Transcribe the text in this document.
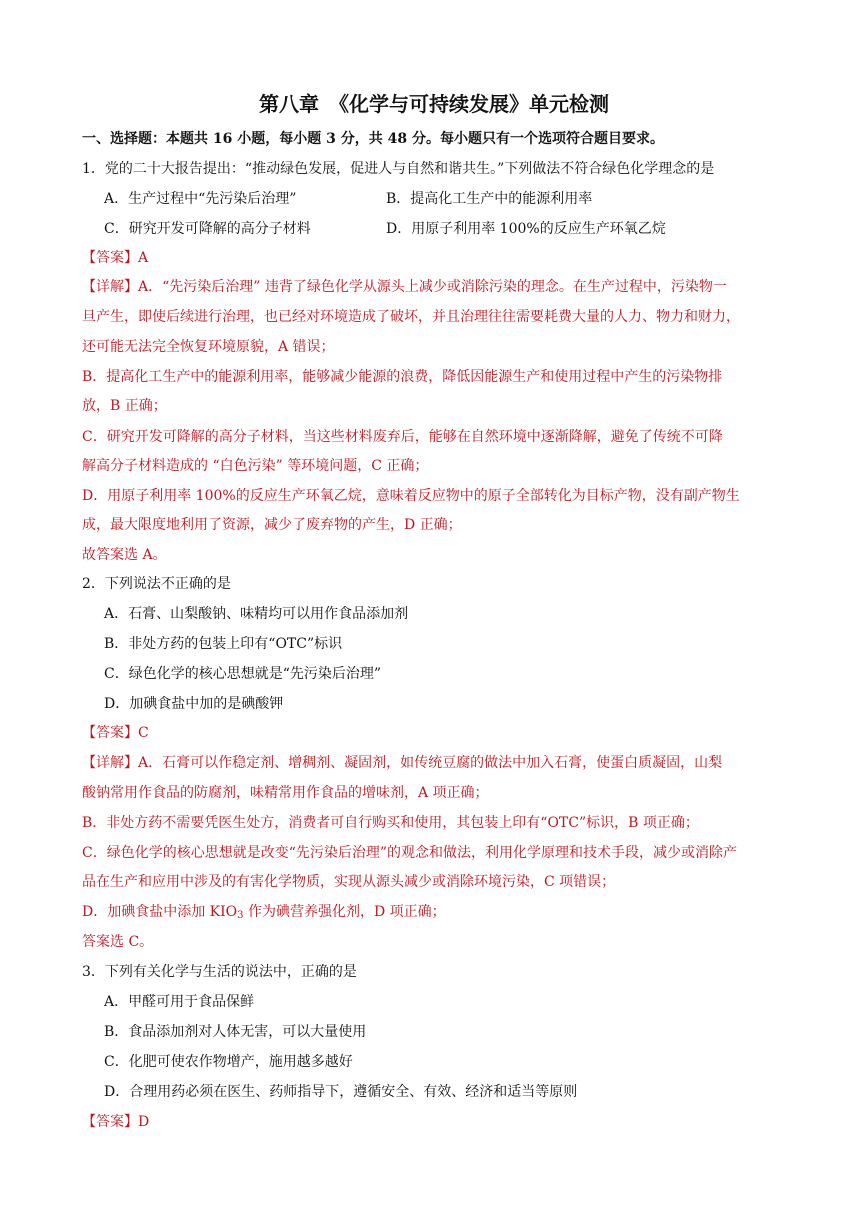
第八章　《化学与可持续发展》单元检测
一、选择题：本题共 16 小题，每小题 3 分，共 48 分。每小题只有一个选项符合题目要求。
1．党的二十大报告提出：“推动绿色发展，促进人与自然和谐共生。”下列做法不符合绿色化学理念的是
A．生产过程中“先污染后治理”	B．提高化工生产中的能源利用率
C．研究开发可降解的高分子材料	D．用原子利用率 100%的反应生产环氧乙烷
【答案】A
【详解】A．“先污染后治理” 违背了绿色化学从源头上减少或消除污染的理念。在生产过程中，污染物一
旦产生，即使后续进行治理，也已经对环境造成了破坏，并且治理往往需要耗费大量的人力、物力和财力，
还可能无法完全恢复环境原貌，A 错误；
B．提高化工生产中的能源利用率，能够减少能源的浪费，降低因能源生产和使用过程中产生的污染物排
放，B 正确；
C．研究开发可降解的高分子材料，当这些材料废弃后，能够在自然环境中逐渐降解，避免了传统不可降
解高分子材料造成的 “白色污染” 等环境问题，C 正确；
D．用原子利用率 100%的反应生产环氧乙烷，意味着反应物中的原子全部转化为目标产物，没有副产物生
成，最大限度地利用了资源，减少了废弃物的产生，D 正确；
故答案选 A。
2．下列说法不正确的是
A．石膏、山梨酸钠、味精均可以用作食品添加剂
B．非处方药的包装上印有“OTC”标识
C．绿色化学的核心思想就是“先污染后治理”
D．加碘食盐中加的是碘酸钾
【答案】C
【详解】A．石膏可以作稳定剂、增稠剂、凝固剂，如传统豆腐的做法中加入石膏，使蛋白质凝固，山梨
酸钠常用作食品的防腐剂，味精常用作食品的增味剂，A 项正确；
B．非处方药不需要凭医生处方，消费者可自行购买和使用，其包装上印有“OTC”标识，B 项正确；
C．绿色化学的核心思想就是改变“先污染后治理”的观念和做法，利用化学原理和技术手段，减少或消除产
品在生产和应用中涉及的有害化学物质，实现从源头减少或消除环境污染，C 项错误；
D．加碘食盐中添加 $KIO_3$ 作为碘营养强化剂，D 项正确；
答案选 C。
3．下列有关化学与生活的说法中，正确的是
A．甲醛可用于食品保鲜
B．食品添加剂对人体无害，可以大量使用
C．化肥可使农作物增产，施用越多越好
D．合理用药必须在医生、药师指导下，遵循安全、有效、经济和适当等原则
【答案】D
